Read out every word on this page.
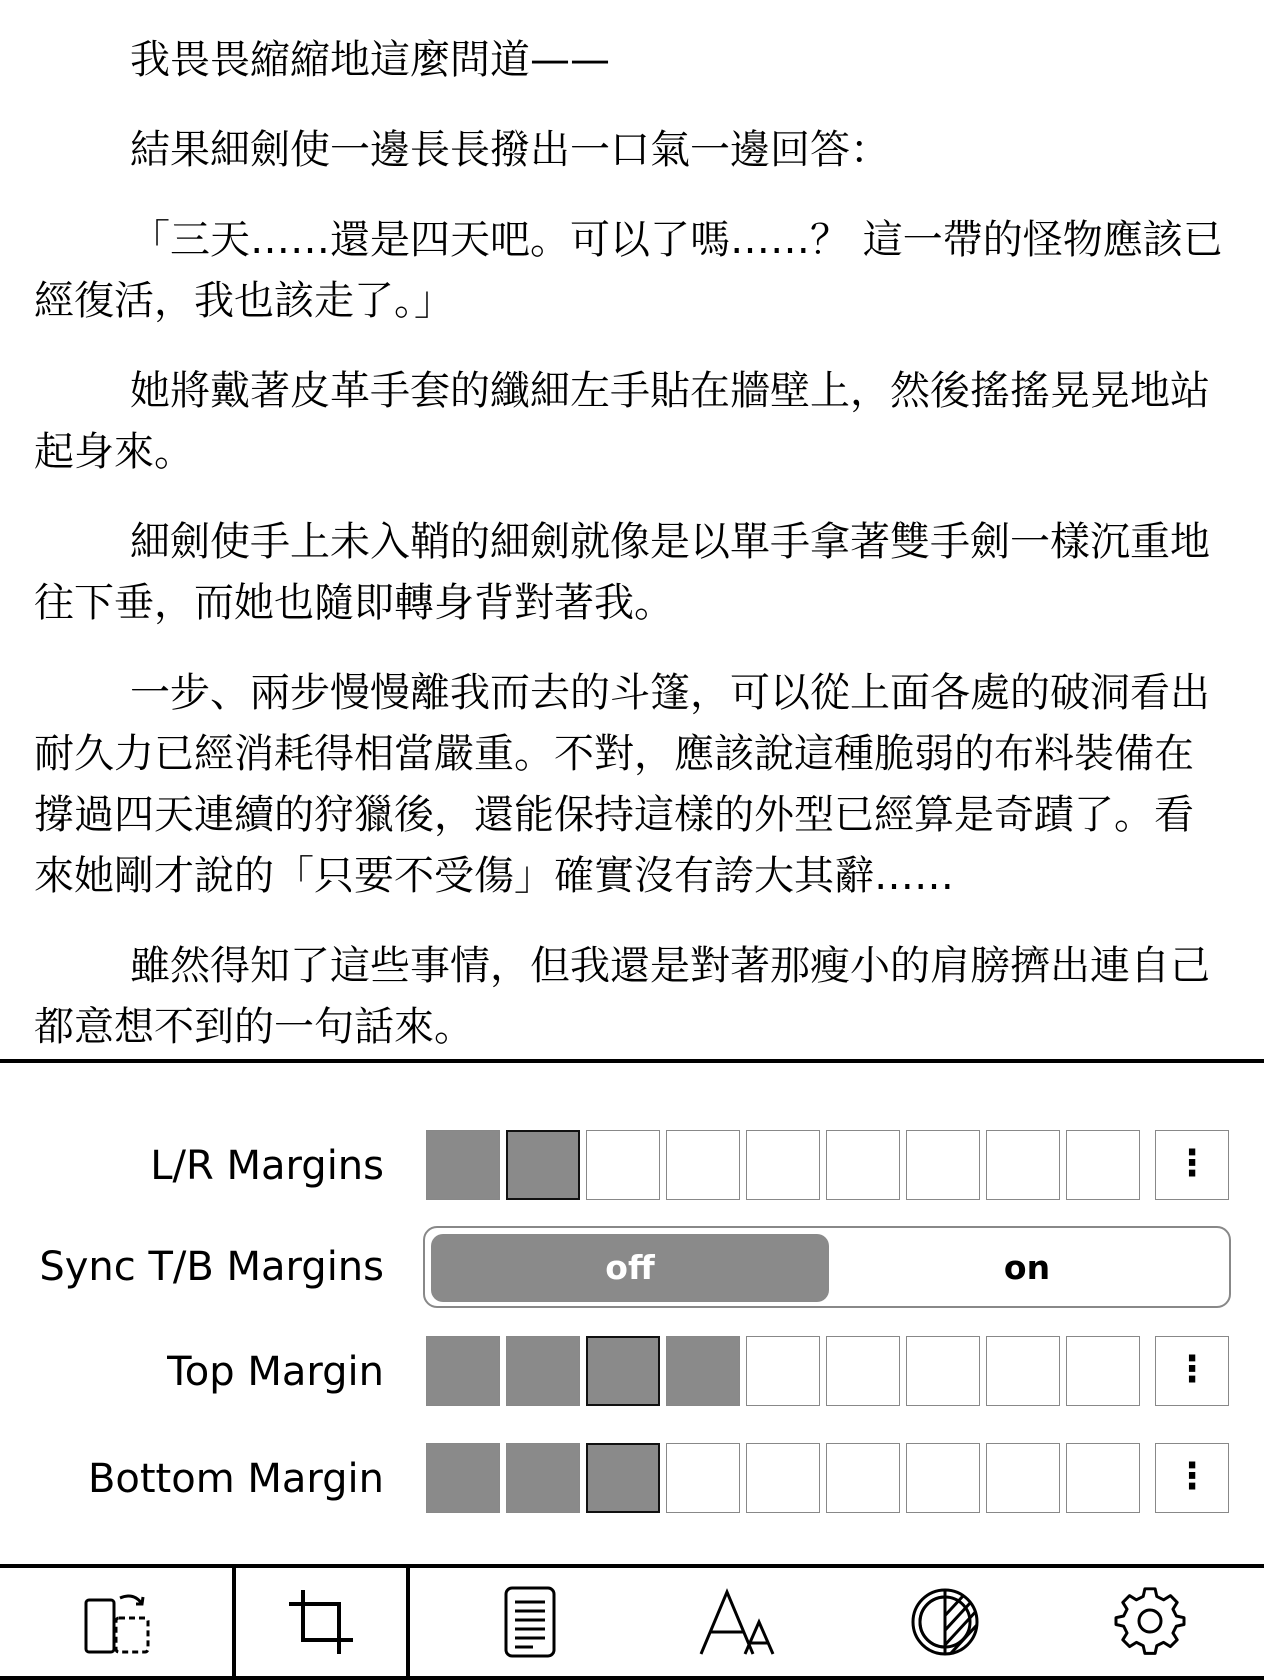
我畏畏縮縮地這麼問道——

結果細劍使一邊長長撥出一口氣一邊回答：

「三天……還是四天吧。可以了嗎……？ 這一帶的怪物應該已經復活，我也該走了。」

她將戴著皮革手套的纖細左手貼在牆壁上，然後搖搖晃晃地站起身來。

細劍使手上未入鞘的細劍就像是以單手拿著雙手劍一樣沉重地往下垂，而她也隨即轉身背對著我。

一步、兩步慢慢離我而去的斗篷，可以從上面各處的破洞看出耐久力已經消耗得相當嚴重。不對，應該說這種脆弱的布料裝備在撐過四天連續的狩獵後，還能保持這樣的外型已經算是奇蹟了。看來她剛才說的「只要不受傷」確實沒有誇大其辭……

雖然得知了這些事情，但我還是對著那瘦小的肩膀擠出連自己都意想不到的一句話來。

L/R Margins	⋮
off	on
Sync T/B Margins
Top Margin	⋮
Bottom Margin	⋮
